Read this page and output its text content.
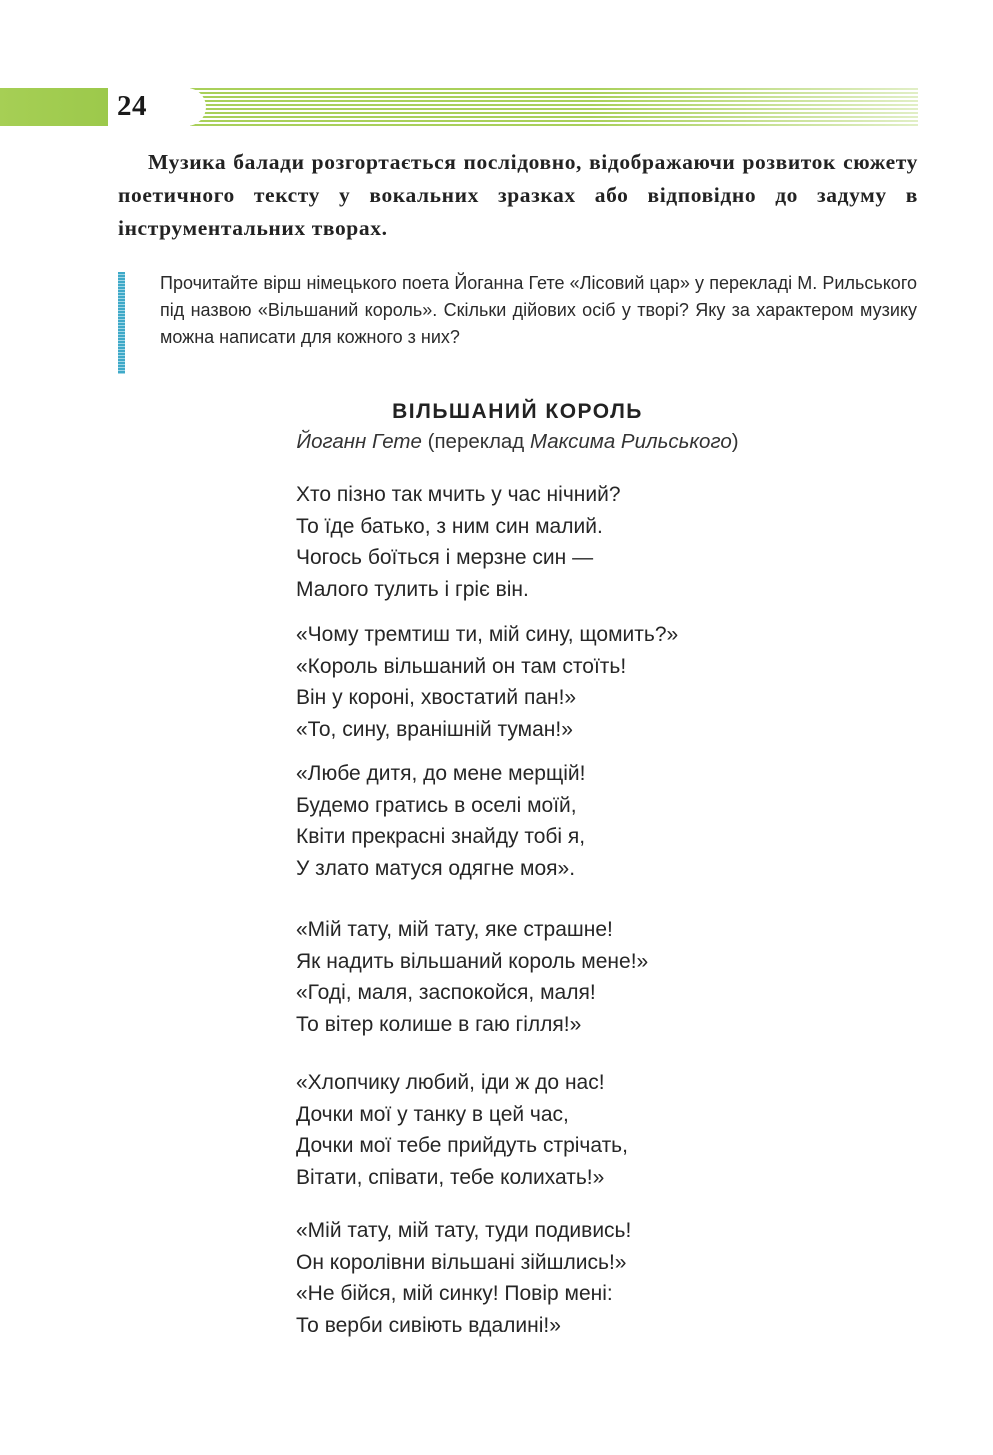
24

Музика балади розгортається послідовно, відображаючи розвиток сюжету поетичного тексту у вокальних зразках або відповідно до задуму в інструментальних творах.

Прочитайте вірш німецького поета Йоганна Гете «Лісовий цар» у перекладі М. Рильського під назвою «Вільшаний король». Скільки дійових осіб у творі? Яку за характером музику можна написати для кожного з них?

ВІЛЬШАНИЙ КОРОЛЬ
Йоганн Гете (переклад Максима Рильського)
Хто пізно так мчить у час нічний?
То їде батько, з ним син малий.
Чогось боїться і мерзне син —
Малого тулить і гріє він.
«Чому тремтиш ти, мій сину, щомить?»
«Король вільшаний он там стоїть!
Він у короні, хвостатий пан!»
«То, сину, вранішній туман!»
«Любе дитя, до мене мерщій!
Будемо гратись в оселі моїй,
Квіти прекрасні знайду тобі я,
У злато матуся одягне моя».
«Мій тату, мій тату, яке страшне!
Як надить вільшаний король мене!»
«Годі, маля, заспокойся, маля!
То вітер колише в гаю гілля!»
«Хлопчику любий, іди ж до нас!
Дочки мої у танку в цей час,
Дочки мої тебе прийдуть стрічать,
Вітати, співати, тебе колихать!»
«Мій тату, мій тату, туди подивись!
Он королівни вільшані зійшлись!»
«Не бійся, мій синку! Повір мені:
То верби сивіють вдалині!»
